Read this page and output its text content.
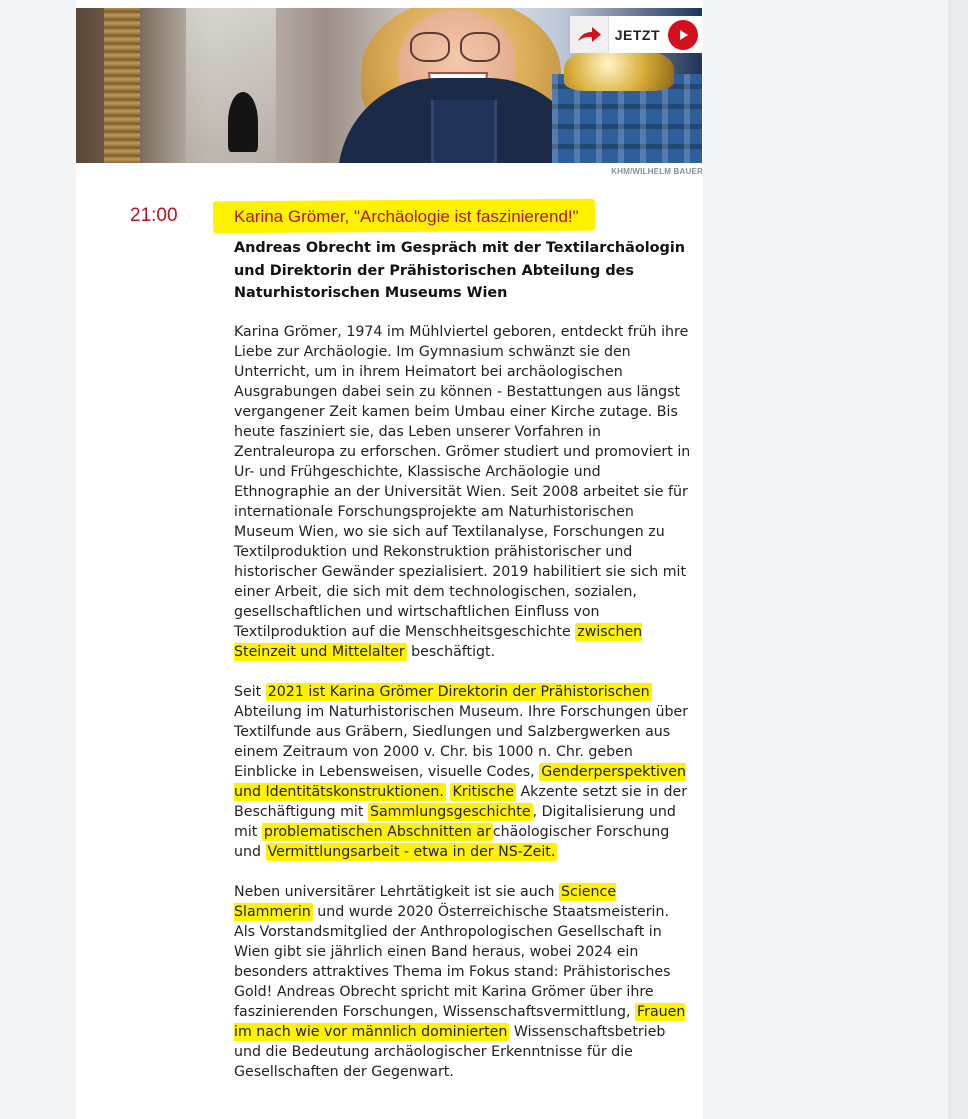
JETZT
KHM/WILHELM BAUER
21:00	Karina Grömer, "Archäologie ist faszinierend!"

Andreas Obrecht im Gespräch mit der Textilarchäologin und Direktorin der Prähistorischen Abteilung des Naturhistorischen Museums Wien

Karina Grömer, 1974 im Mühlviertel geboren, entdeckt früh ihre Liebe zur Archäologie. Im Gymnasium schwänzt sie den Unterricht, um in ihrem Heimatort bei archäologischen Ausgrabungen dabei sein zu können - Bestattungen aus längst vergangener Zeit kamen beim Umbau einer Kirche zutage. Bis heute fasziniert sie, das Leben unserer Vorfahren in Zentraleuropa zu erforschen. Grömer studiert und promoviert in Ur- und Frühgeschichte, Klassische Archäologie und Ethnographie an der Universität Wien. Seit 2008 arbeitet sie für internationale Forschungsprojekte am Naturhistorischen Museum Wien, wo sie sich auf Textilanalyse, Forschungen zu Textilproduktion und Rekonstruktion prähistorischer und historischer Gewänder spezialisiert. 2019 habilitiert sie sich mit einer Arbeit, die sich mit dem technologischen, sozialen, gesellschaftlichen und wirtschaftlichen Einfluss von Textilproduktion auf die Menschheitsgeschichte zwischen Steinzeit und Mittelalter beschäftigt.

Seit 2021 ist Karina Grömer Direktorin der Prähistorischen Abteilung im Naturhistorischen Museum. Ihre Forschungen über Textilfunde aus Gräbern, Siedlungen und Salzbergwerken aus einem Zeitraum von 2000 v. Chr. bis 1000 n. Chr. geben Einblicke in Lebensweisen, visuelle Codes, Genderperspektiven und Identitätskonstruktionen. Kritische Akzente setzt sie in der Beschäftigung mit Sammlungsgeschichte , Digitalisierung und mit problematischen Abschnitten ar chäologischer Forschung und Vermittlungsarbeit - etwa in der NS-Zeit.

Neben universitärer Lehrtätigkeit ist sie auch Science Slammerin und wurde 2020 Österreichische Staatsmeisterin. Als Vorstandsmitglied der Anthropologischen Gesellschaft in Wien gibt sie jährlich einen Band heraus, wobei 2024 ein besonders attraktives Thema im Fokus stand: Prähistorisches Gold! Andreas Obrecht spricht mit Karina Grömer über ihre faszinierenden Forschungen, Wissenschaftsvermittlung, Frauen im nach wie vor männlich dominierten Wissenschaftsbetrieb und die Bedeutung archäologischer Erkenntnisse für die Gesellschaften der Gegenwart.
